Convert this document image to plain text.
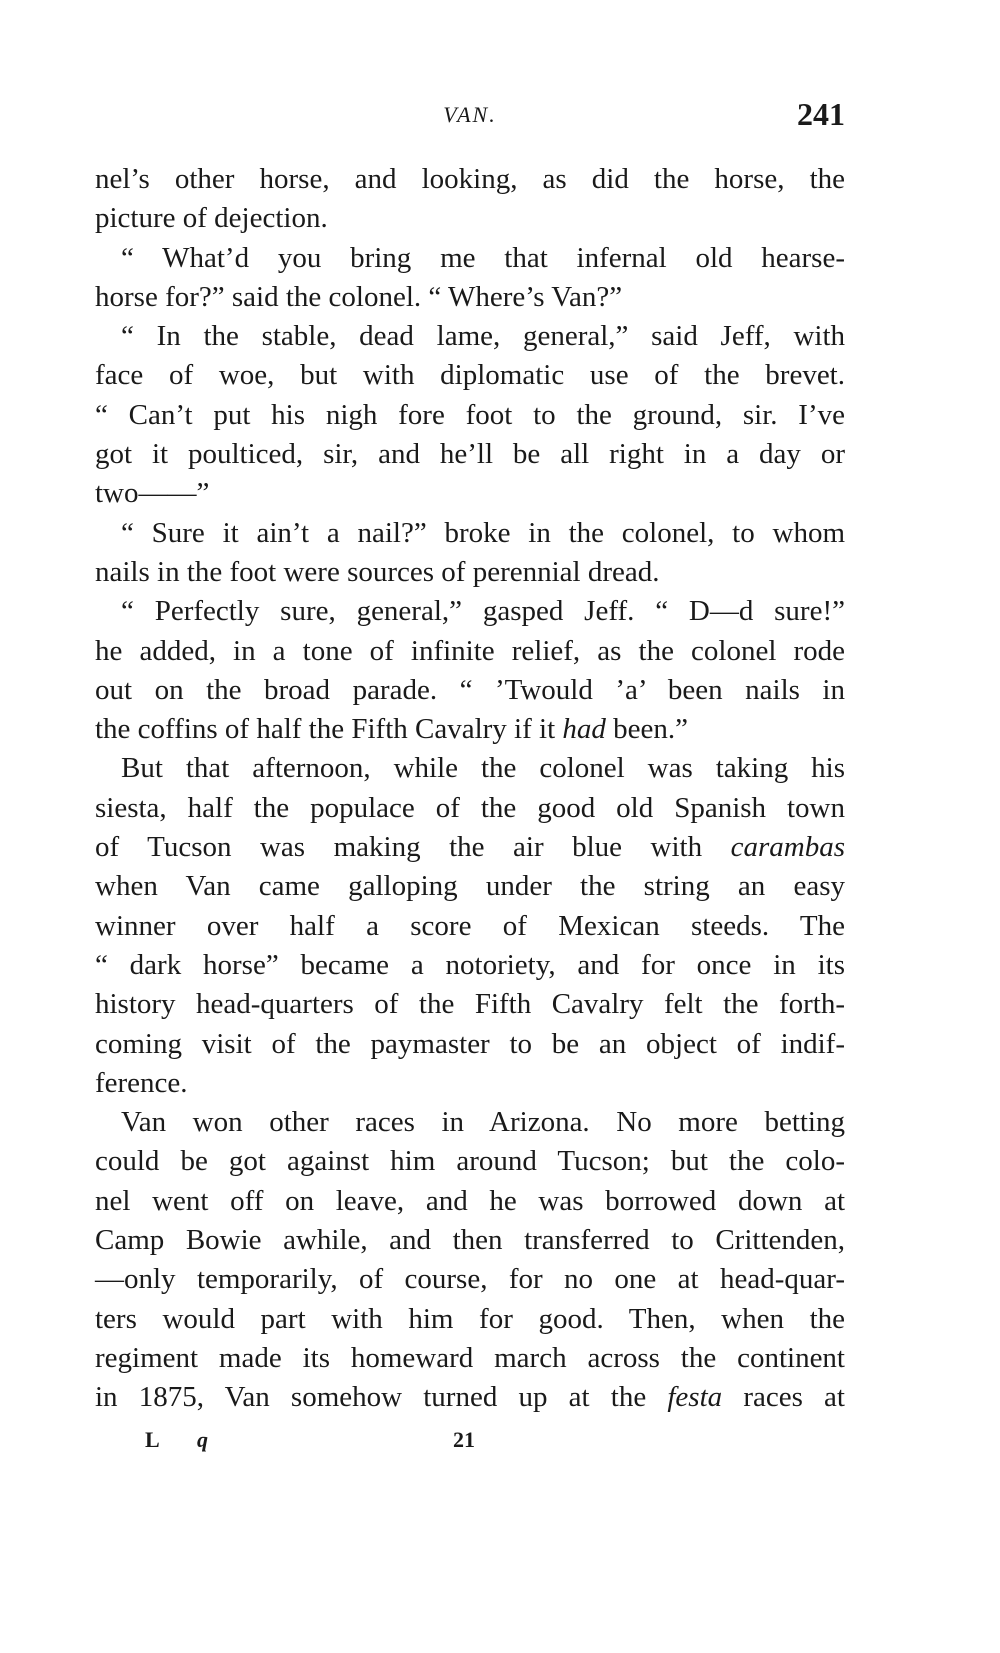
VAN.	241
nel’s other horse, and looking, as did the horse, the
picture of dejection.
“ What’d you bring me that infernal old hearse-
horse for?” said the colonel. “ Where’s Van?”
“ In the stable, dead lame, general,” said Jeff, with
face of woe, but with diplomatic use of the brevet.
“ Can’t put his nigh fore foot to the ground, sir. I’ve
got it poulticed, sir, and he’ll be all right in a day or
two——”
“ Sure it ain’t a nail?” broke in the colonel, to whom
nails in the foot were sources of perennial dread.
“ Perfectly sure, general,” gasped Jeff. “ D—d sure!”
he added, in a tone of infinite relief, as the colonel rode
out on the broad parade. “ ’Twould ’a’ been nails in
the coffins of half the Fifth Cavalry if it had been.”
But that afternoon, while the colonel was taking his
siesta, half the populace of the good old Spanish town
of Tucson was making the air blue with carambas
when Van came galloping under the string an easy
winner over half a score of Mexican steeds. The
“ dark horse” became a notoriety, and for once in its
history head-quarters of the Fifth Cavalry felt the forth-
coming visit of the paymaster to be an object of indif-
ference.
Van won other races in Arizona. No more betting
could be got against him around Tucson; but the colo-
nel went off on leave, and he was borrowed down at
Camp Bowie awhile, and then transferred to Crittenden,
—only temporarily, of course, for no one at head-quar-
ters would part with him for good. Then, when the
regiment made its homeward march across the continent
in 1875, Van somehow turned up at the festa races at
L q	21
